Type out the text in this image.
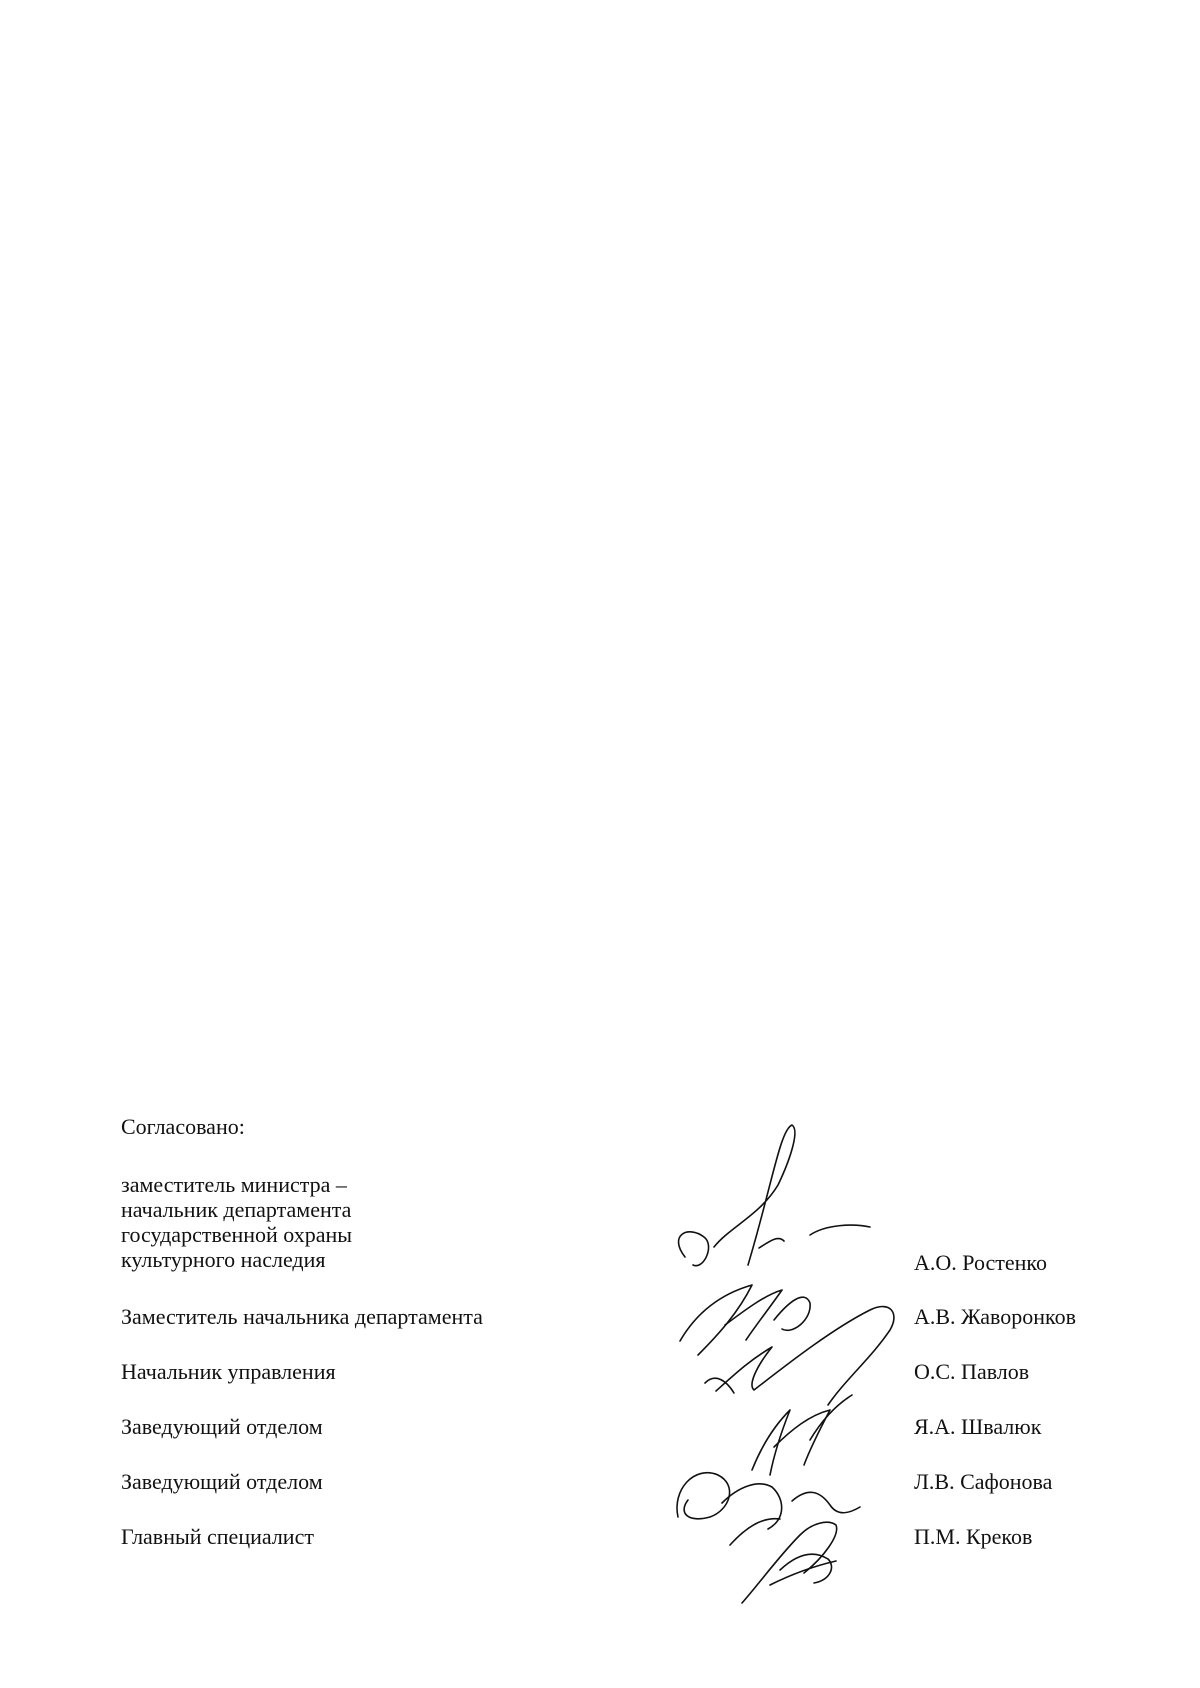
Согласовано:
заместитель министра –
начальник департамента
государственной охраны
культурного наследия	А.О. Ростенко
Заместитель начальника департамента	А.В. Жаворонков
Начальник управления	О.С. Павлов
Заведующий отделом	Я.А. Швалюк
Заведующий отделом	Л.В. Сафонова
Главный специалист	П.М. Креков
